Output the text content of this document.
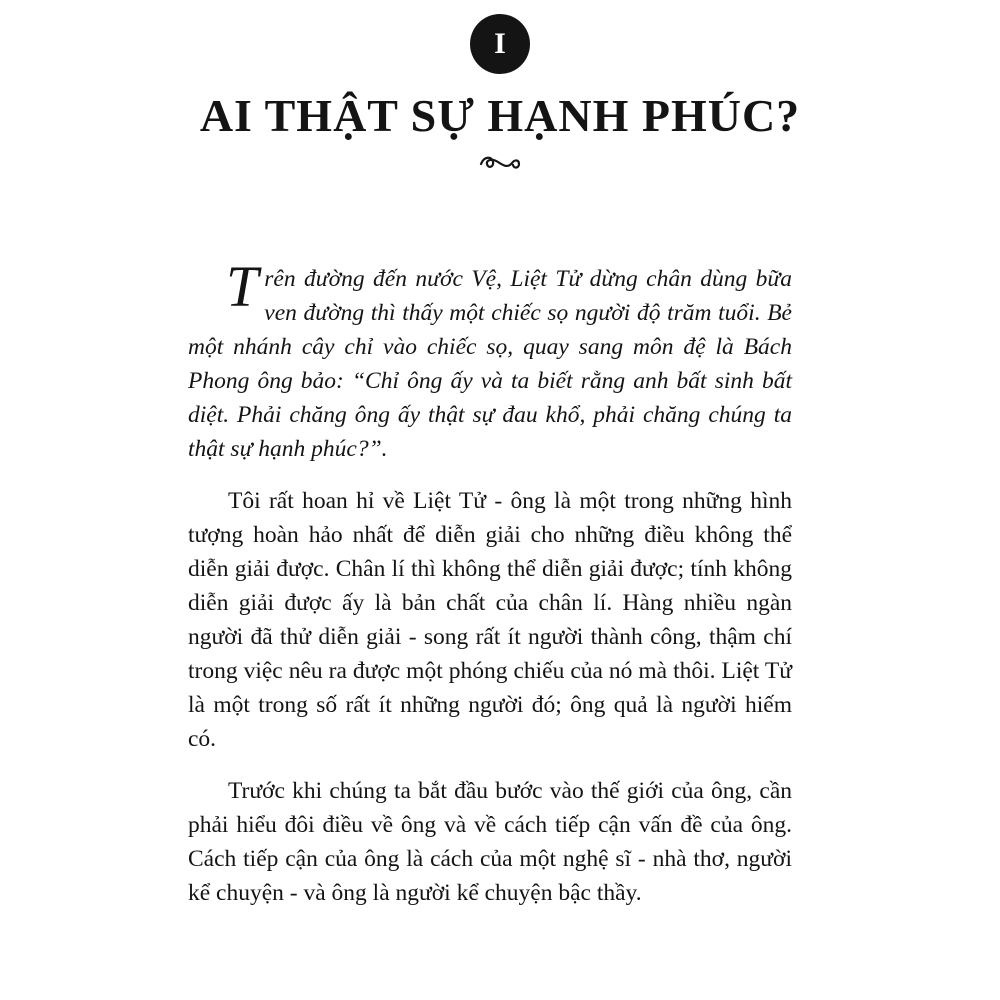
I
AI THẬT SỰ HẠNH PHÚC?

Trên đường đến nước Vệ, Liệt Tử dừng chân dùng bữa ven đường thì thấy một chiếc sọ người độ trăm tuổi. Bẻ một nhánh cây chỉ vào chiếc sọ, quay sang môn đệ là Bách Phong ông bảo: “Chỉ ông ấy và ta biết rằng anh bất sinh bất diệt. Phải chăng ông ấy thật sự đau khổ, phải chăng chúng ta thật sự hạnh phúc?”.

Tôi rất hoan hỉ về Liệt Tử - ông là một trong những hình tượng hoàn hảo nhất để diễn giải cho những điều không thể diễn giải được. Chân lí thì không thể diễn giải được; tính không diễn giải được ấy là bản chất của chân lí. Hàng nhiều ngàn người đã thử diễn giải - song rất ít người thành công, thậm chí trong việc nêu ra được một phóng chiếu của nó mà thôi. Liệt Tử là một trong số rất ít những người đó; ông quả là người hiếm có.

Trước khi chúng ta bắt đầu bước vào thế giới của ông, cần phải hiểu đôi điều về ông và về cách tiếp cận vấn đề của ông. Cách tiếp cận của ông là cách của một nghệ sĩ - nhà thơ, người kể chuyện - và ông là người kể chuyện bậc thầy.
